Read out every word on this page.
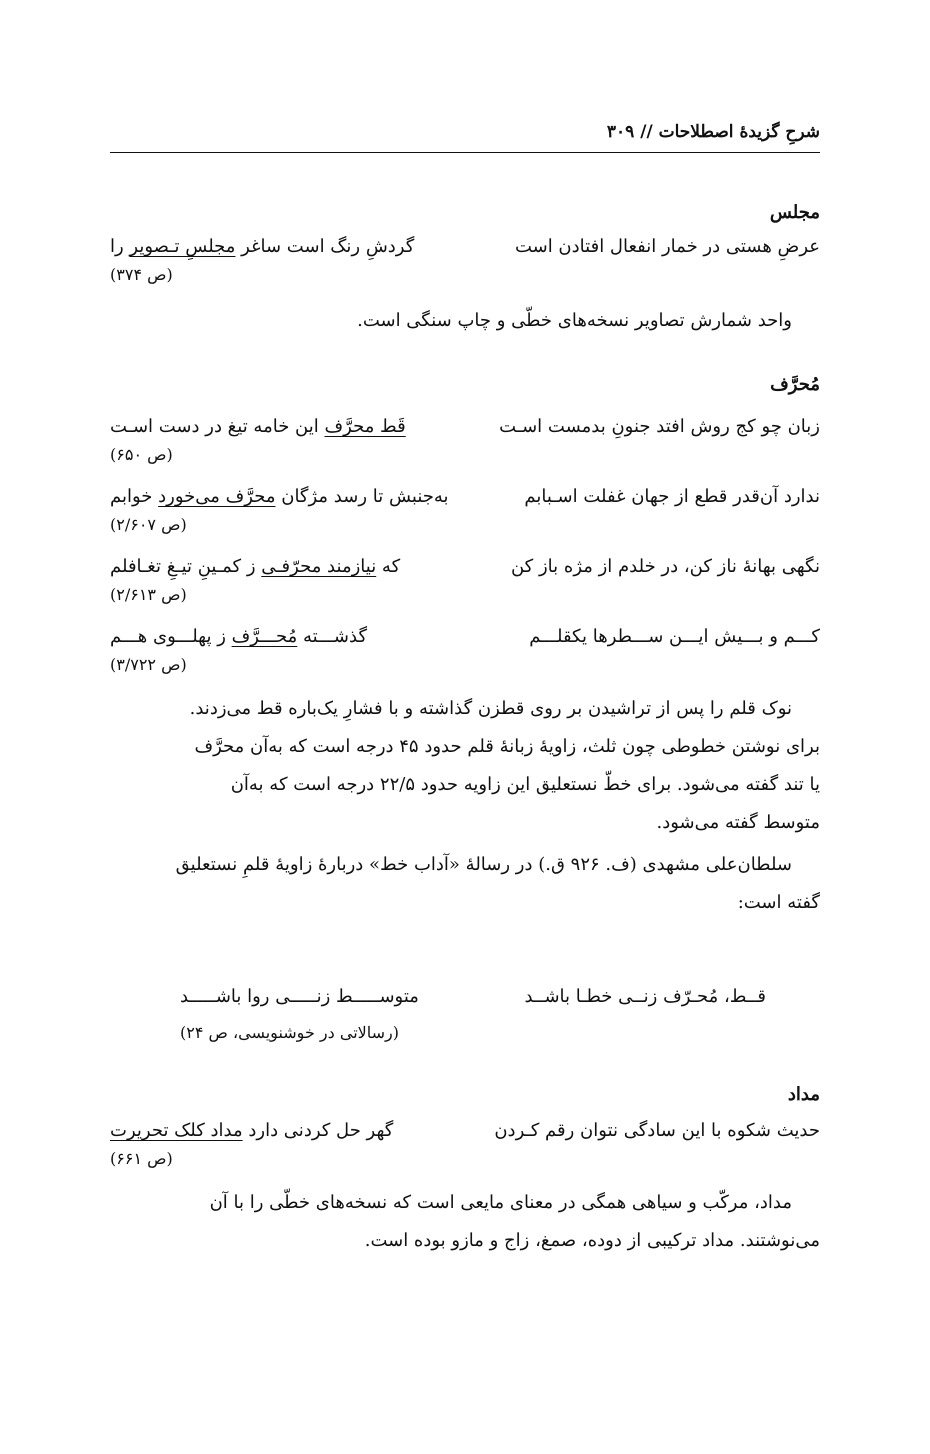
شرحِ گزیدهٔ اصطلاحات // ۳۰۹
مجلس
عرضِ هستی در خمار انفعال افتادن است
گردشِ رنگ است ساغر مجلسِ تـصویر را
(ص ۳۷۴)

واحد شمارش تصاویر نسخه‌های خطّی و چاپ سنگی است.

مُحرَّف
زبان چو کج روش افتد جنونِ بدمست اسـت
قَط محرَّف این خامه تیغ در دست اسـت
(ص ۶۵۰)
ندارد آن‌قدر قطع از جهان غفلت اسـبابم
به‌جنبش تا رسد مژگان محرَّف می‌خورد خوابم
(ص ۲/۶۰۷)
نگهی بهانهٔ ناز کن، در خلدم از مژه باز کن
که نیازمند محرّفـی ز کمـینِ تیـغِ تغـافلم
(ص ۲/۶۱۳)
کـــم و بـــیش ایـــن ســـطرها یکقلـــم
گذشـــته مُحـــرَّف ز پهلـــوی هـــم
(ص ۳/۷۲۲)
نوک قلم را پس از تراشیدن بر روی قطزن گذاشته و با فشارِ یک‌باره قط می‌زدند.
برای نوشتن خطوطی چون ثلث، زاویهٔ زبانهٔ قلم حدود ۴۵ درجه است که به‌آن محرَّف
یا تند گفته می‌شود. برای خطّ نستعلیق این زاویه حدود ۲۲/۵ درجه است که به‌آن
متوسط گفته می‌شود.
سلطان‌علی مشهدی (ف. ۹۲۶ ق.) در رسالهٔ «آداب خط» دربارهٔ زاویهٔ قلمِ نستعلیق
گفته است:
قــط، مُحـرّف زنــی خطـا باشــد
متوســـــط زنـــــی روا باشـــــد
(رسالاتی در خوشنویسی، ص ۲۴)
مداد
حدیث شکوه با این سادگی نتوان رقم کـردن
گهر حل کردنی دارد مداد کلک تحریرت
(ص ۶۶۱)
مداد، مرکّب و سیاهی همگی در معنای مایعی است که نسخه‌های خطّی را با آن
می‌نوشتند. مداد ترکیبی از دوده، صمغ، زاج و مازو بوده است.
